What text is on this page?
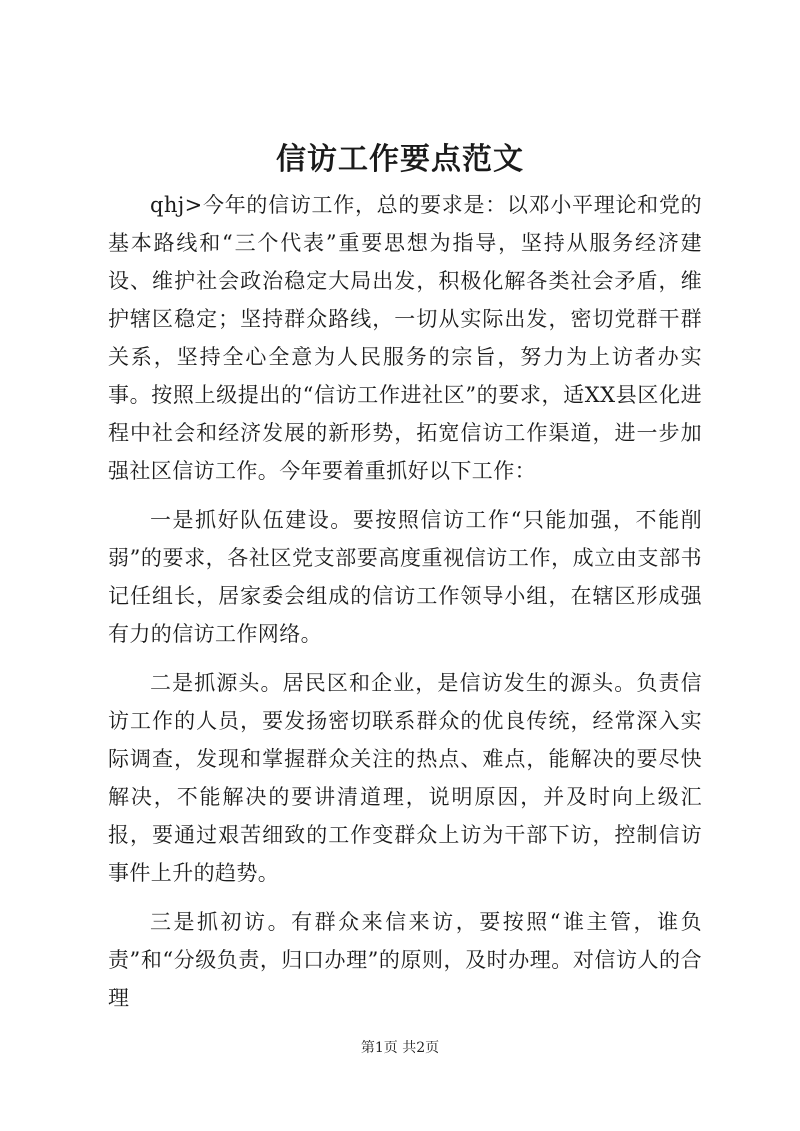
信访工作要点范文

qhj>今年的信访工作，总的要求是：以邓小平理论和党的基本路线和“三个代表”重要思想为指导，坚持从服务经济建设、维护社会政治稳定大局出发，积极化解各类社会矛盾，维护辖区稳定；坚持群众路线，一切从实际出发，密切党群干群关系，坚持全心全意为人民服务的宗旨，努力为上访者办实事。按照上级提出的“信访工作进社区”的要求，适XX县区化进程中社会和经济发展的新形势，拓宽信访工作渠道，进一步加强社区信访工作。今年要着重抓好以下工作：

一是抓好队伍建设。要按照信访工作“只能加强，不能削弱”的要求，各社区党支部要高度重视信访工作，成立由支部书记任组长，居家委会组成的信访工作领导小组，在辖区形成强有力的信访工作网络。

二是抓源头。居民区和企业，是信访发生的源头。负责信访工作的人员，要发扬密切联系群众的优良传统，经常深入实际调查，发现和掌握群众关注的热点、难点，能解决的要尽快解决，不能解决的要讲清道理，说明原因，并及时向上级汇报，要通过艰苦细致的工作变群众上访为干部下访，控制信访事件上升的趋势。

三是抓初访。有群众来信来访，要按照“谁主管，谁负责”和“分级负责，归口办理”的原则，及时办理。对信访人的合理

第1页 共2页
